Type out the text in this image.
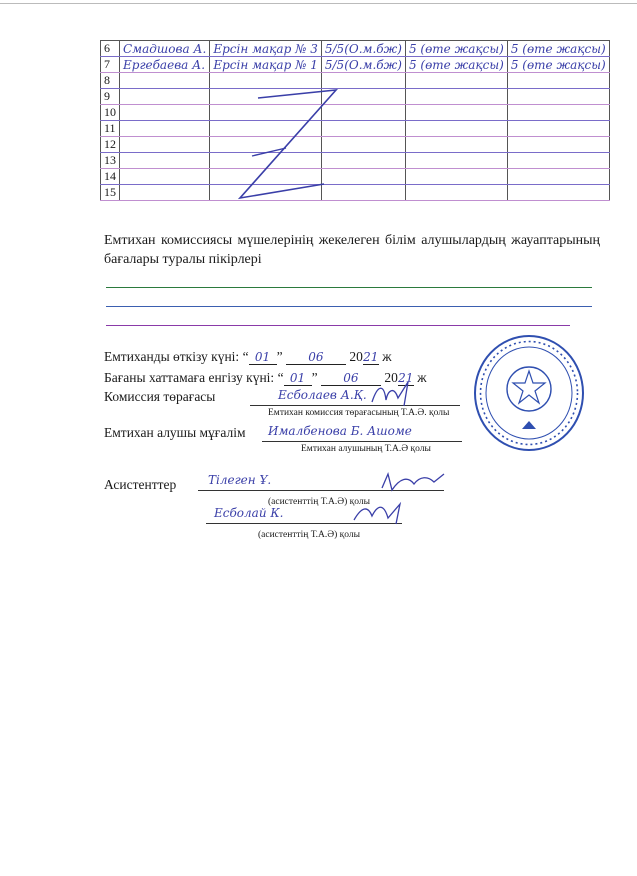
6	Смадшова А.	Ерсін мақар № 3	5/5(О.м.бж)	5 (өте жақсы)	5 (өте жақсы)
7	Ергебаева А.	Ерсін мақар № 1	5/5(О.м.бж)	5 (өте жақсы)	5 (өте жақсы)
8					
9					
10					
11					
12					
13					
14					
15					
Емтихан комиссиясы мүшелерінің жекелеген білім алушылардың жауаптарының бағалары туралы пікірлері
Емтиханды өткізу күні: “ 01 ” 06 2021 ж
Бағаны хаттамаға енгізу күні: “ 01 ” 06 2021 ж
Комиссия төрағасы	Есболаев А.Қ.
Емтихан комиссия төрағасының Т.А.Ә. қолы
Емтихан алушы мұғалім Ималбенова Б. Ашоме
Емтихан алушының Т.А.Ә қолы
Асистенттер	Тілеген Ұ.
(асистенттің Т.А.Ә) қолы
Есболай К.
(асистенттің Т.А.Ә) қолы
